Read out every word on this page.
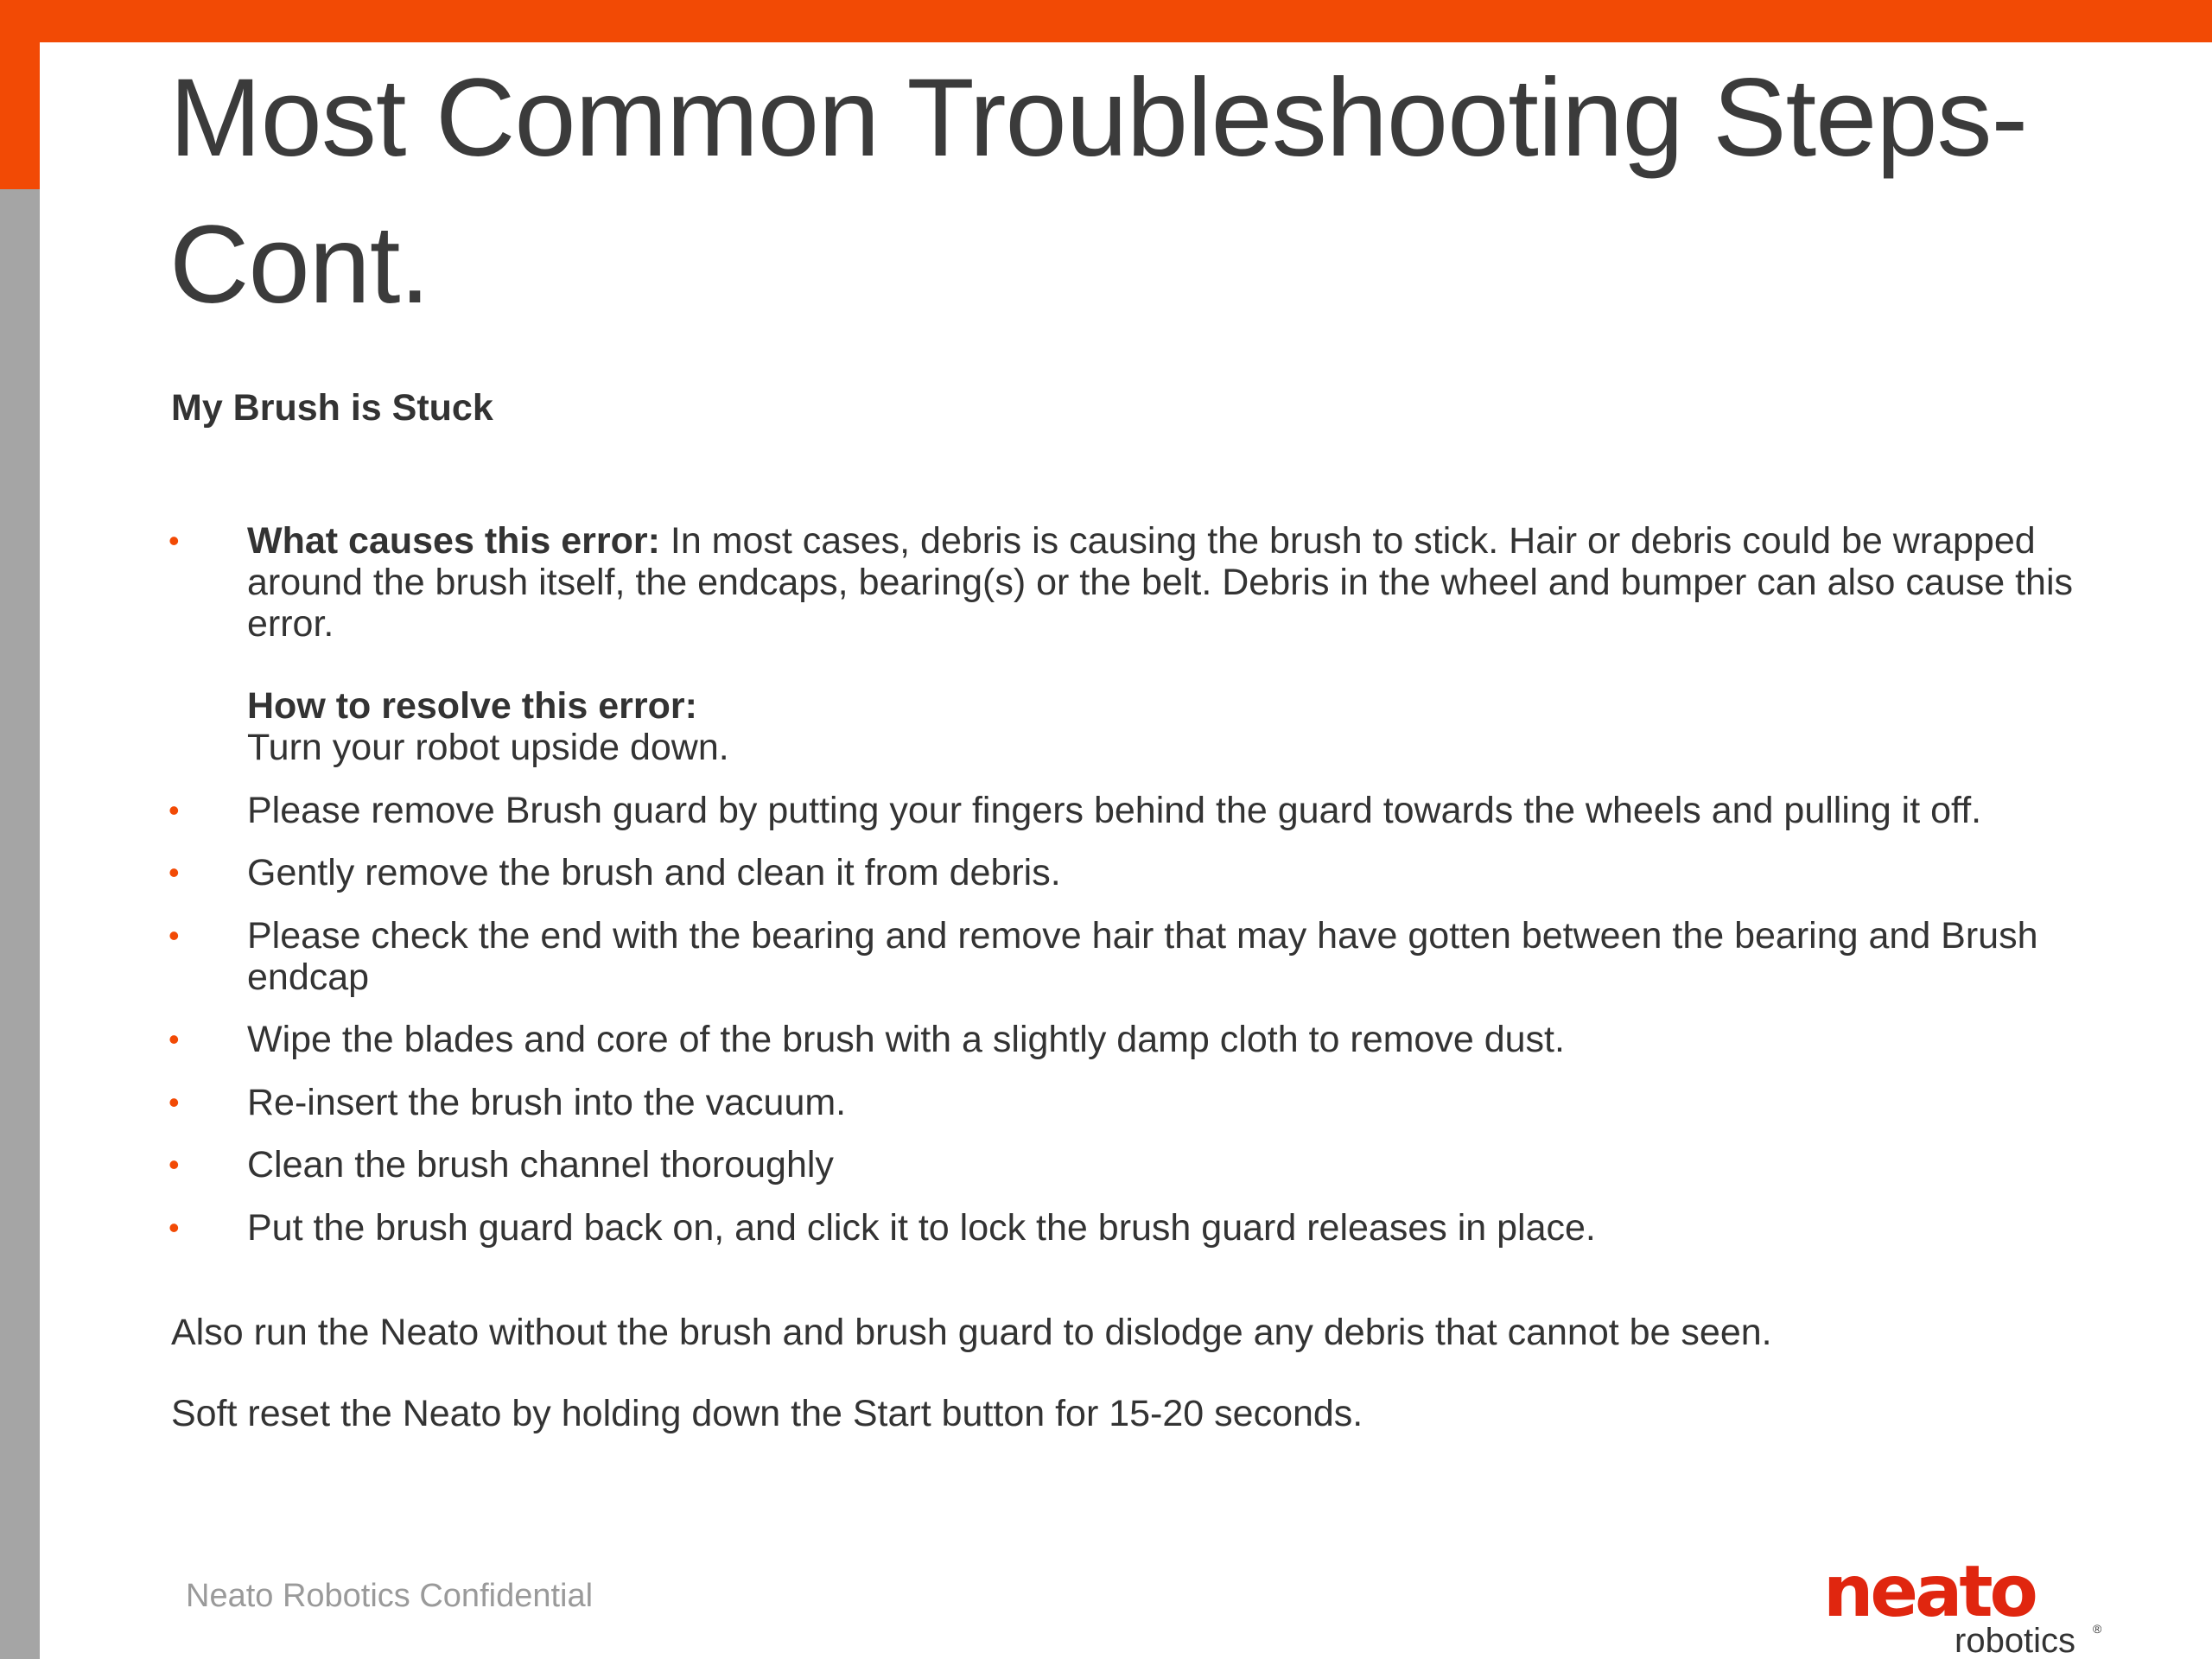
Most Common Troubleshooting Steps- Cont.

My Brush is Stuck

• What causes this error: In most cases, debris is causing the brush to stick. Hair or debris could be wrapped around the brush itself, the endcaps, bearing(s) or the belt. Debris in the wheel and bumper can also cause this error.
How to resolve this error:
Turn your robot upside down.
• Please remove Brush guard by putting your fingers behind the guard towards the wheels and pulling it off.
• Gently remove the brush and clean it from debris.
• Please check the end with the bearing and remove hair that may have gotten between the bearing and Brush endcap
• Wipe the blades and core of the brush with a slightly damp cloth to remove dust.
• Re-insert the brush into the vacuum.
• Clean the brush channel thoroughly
• Put the brush guard back on, and click it to lock the brush guard releases in place.

Also run the Neato without the brush and brush guard to dislodge any debris that cannot be seen.

Soft reset the Neato by holding down the Start button for 15-20 seconds.

Neato Robotics Confidential	neato
robotics ®
